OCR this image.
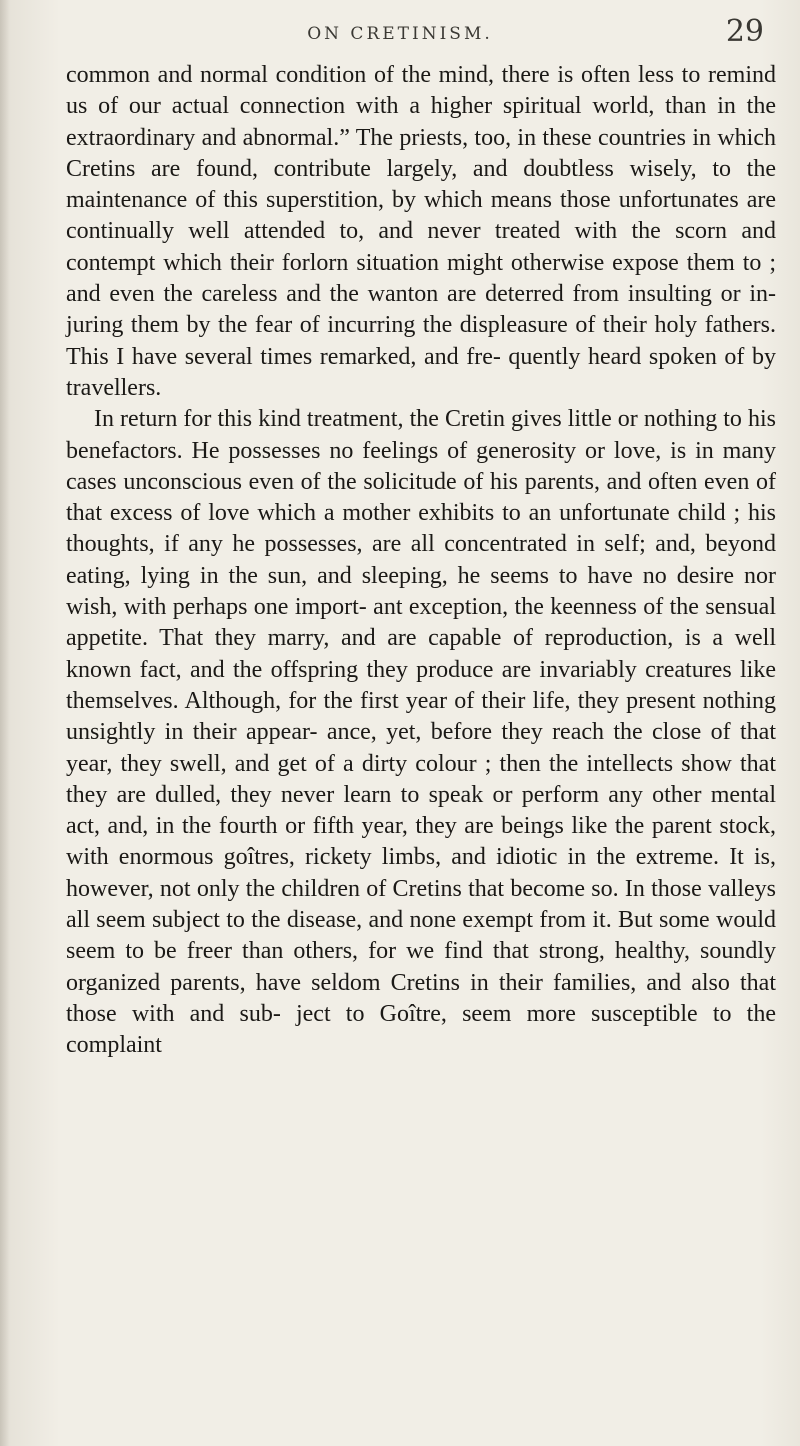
ON CRETINISM.	29

common and normal condition of the mind, there is often less to remind us of our actual connection with a higher spiritual world, than in the extraordinary and abnormal.” The priests, too, in these countries in which Cretins are found, contribute largely, and doubtless wisely, to the maintenance of this superstition, by which means those unfortunates are continually well attended to, and never treated with the scorn and contempt which their forlorn situation might otherwise expose them to ; and even the careless and the wanton are deterred from insulting or in- juring them by the fear of incurring the displeasure of their holy fathers. This I have several times remarked, and fre- quently heard spoken of by travellers.

In return for this kind treatment, the Cretin gives little or nothing to his benefactors. He possesses no feelings of generosity or love, is in many cases unconscious even of the solicitude of his parents, and often even of that excess of love which a mother exhibits to an unfortunate child ; his thoughts, if any he possesses, are all concentrated in self; and, beyond eating, lying in the sun, and sleeping, he seems to have no desire nor wish, with perhaps one import- ant exception, the keenness of the sensual appetite. That they marry, and are capable of reproduction, is a well known fact, and the offspring they produce are invariably creatures like themselves. Although, for the first year of their life, they present nothing unsightly in their appear- ance, yet, before they reach the close of that year, they swell, and get of a dirty colour ; then the intellects show that they are dulled, they never learn to speak or perform any other mental act, and, in the fourth or fifth year, they are beings like the parent stock, with enormous goîtres, rickety limbs, and idiotic in the extreme. It is, however, not only the children of Cretins that become so. In those valleys all seem subject to the disease, and none exempt from it. But some would seem to be freer than others, for we find that strong, healthy, soundly organized parents, have seldom Cretins in their families, and also that those with and sub- ject to Goître, seem more susceptible to the complaint
